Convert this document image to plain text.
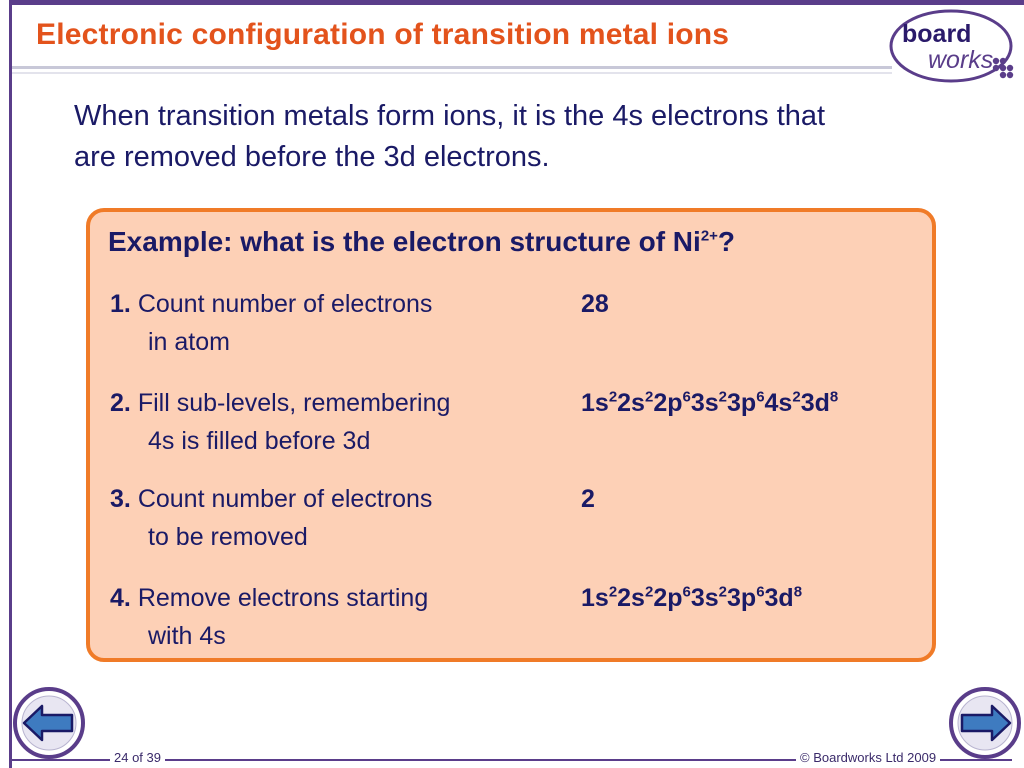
Electronic configuration of transition metal ions	board
works

When transition metals form ions, it is the 4s electrons that
are removed before the 3d electrons.

Example: what is the electron structure of $Ni^{2+}$?

1. Count number of electrons
in atom

28

2. Fill sub-levels, remembering
4s is filled before 3d

$1s^22s^22p^63s^23p^64s^23d^8$

3. Count number of electrons
to be removed

2

4. Remove electrons starting
with 4s

$1s^22s^22p^63s^23p^63d^8$

24 of 39	© Boardworks Ltd 2009
